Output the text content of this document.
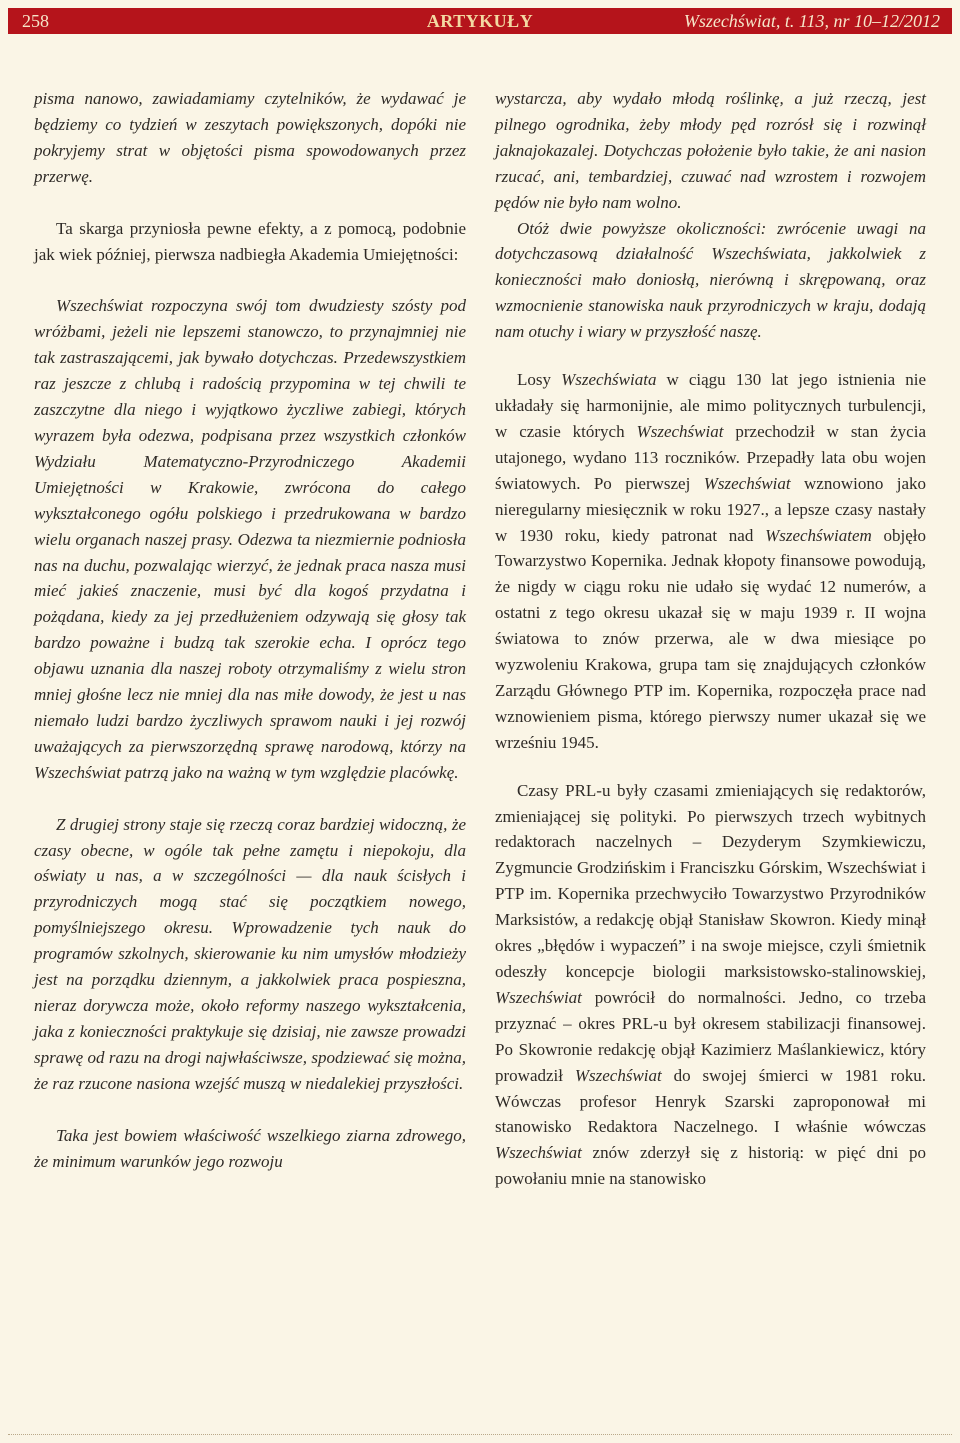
258	ARTYKUŁY	Wszechświat, t. 113, nr 10–12/2012

pisma nanowo, zawiadamiamy czytelników, że wydawać je będziemy co tydzień w zeszytach powiększonych, dopóki nie pokryjemy strat w objętości pisma spowodowanych przez przerwę.

Ta skarga przyniosła pewne efekty, a z pomocą, podobnie jak wiek później, pierwsza nadbiegła Akademia Umiejętności:

Wszechświat rozpoczyna swój tom dwudziesty szósty pod wróżbami, jeżeli nie lepszemi stanowczo, to przynajmniej nie tak zastraszającemi, jak bywało dotychczas. Przedewszystkiem raz jeszcze z chlubą i radością przypomina w tej chwili te zaszczytne dla niego i wyjątkowo życzliwe zabiegi, których wyrazem była odezwa, podpisana przez wszystkich członków Wydziału Matematyczno-Przyrodniczego Akademii Umiejętności w Krakowie, zwrócona do całego wykształconego ogółu polskiego i przedrukowana w bardzo wielu organach naszej prasy. Odezwa ta niezmiernie podniosła nas na duchu, pozwalając wierzyć, że jednak praca nasza musi mieć jakieś znaczenie, musi być dla kogoś przydatna i pożądana, kiedy za jej przedłużeniem odzywają się głosy tak bardzo poważne i budzą tak szerokie echa. I oprócz tego objawu uznania dla naszej roboty otrzymaliśmy z wielu stron mniej głośne lecz nie mniej dla nas miłe dowody, że jest u nas niemało ludzi bardzo życzliwych sprawom nauki i jej rozwój uważających za pierwszorzędną sprawę narodową, którzy na Wszechświat patrzą jako na ważną w tym względzie placówkę.

Z drugiej strony staje się rzeczą coraz bardziej widoczną, że czasy obecne, w ogóle tak pełne zamętu i niepokoju, dla oświaty u nas, a w szczególności — dla nauk ścisłych i przyrodniczych mogą stać się początkiem nowego, pomyślniejszego okresu. Wprowadzenie tych nauk do programów szkolnych, skierowanie ku nim umysłów młodzieży jest na porządku dziennym, a jakkolwiek praca pospieszna, nieraz dorywcza może, około reformy naszego wykształcenia, jaka z konieczności praktykuje się dzisiaj, nie zawsze prowadzi sprawę od razu na drogi najwłaściwsze, spodziewać się można, że raz rzucone nasiona wzejść muszą w niedalekiej przyszłości.

Taka jest bowiem właściwość wszelkiego ziarna zdrowego, że minimum warunków jego rozwoju

wystarcza, aby wydało młodą roślinkę, a już rzeczą, jest pilnego ogrodnika, żeby młody pęd rozrósł się i rozwinął jaknajokazalej. Dotychczas położenie było takie, że ani nasion rzucać, ani, tembardziej, czuwać nad wzrostem i rozwojem pędów nie było nam wolno.

Otóż dwie powyższe okoliczności: zwrócenie uwagi na dotychczasową działalność Wszechświata, jakkolwiek z konieczności mało doniosłą, nierówną i skrępowaną, oraz wzmocnienie stanowiska nauk przyrodniczych w kraju, dodają nam otuchy i wiary w przyszłość naszę.

Losy Wszechświata w ciągu 130 lat jego istnienia nie układały się harmonijnie, ale mimo politycznych turbulencji, w czasie których Wszechświat przechodził w stan życia utajonego, wydano 113 roczników. Przepadły lata obu wojen światowych. Po pierwszej Wszechświat wznowiono jako nieregularny miesięcznik w roku 1927., a lepsze czasy nastały w 1930 roku, kiedy patronat nad Wszechświatem objęło Towarzystwo Kopernika. Jednak kłopoty finansowe powodują, że nigdy w ciągu roku nie udało się wydać 12 numerów, a ostatni z tego okresu ukazał się w maju 1939 r. II wojna światowa to znów przerwa, ale w dwa miesiące po wyzwoleniu Krakowa, grupa tam się znajdujących członków Zarządu Głównego PTP im. Kopernika, rozpoczęła prace nad wznowieniem pisma, którego pierwszy numer ukazał się we wrześniu 1945.

Czasy PRL-u były czasami zmieniających się redaktorów, zmieniającej się polityki. Po pierwszych trzech wybitnych redaktorach naczelnych – Dezyderym Szymkiewiczu, Zygmuncie Grodzińskim i Franciszku Górskim, Wszechświat i PTP im. Kopernika przechwyciło Towarzystwo Przyrodników Marksistów, a redakcję objął Stanisław Skowron. Kiedy minął okres „błędów i wypaczeń” i na swoje miejsce, czyli śmietnik odeszły koncepcje biologii marksistowsko-stalinowskiej, Wszechświat powrócił do normalności. Jedno, co trzeba przyznać – okres PRL-u był okresem stabilizacji finansowej. Po Skowronie redakcję objął Kazimierz Maślankiewicz, który prowadził Wszechświat do swojej śmierci w 1981 roku. Wówczas profesor Henryk Szarski zaproponował mi stanowisko Redaktora Naczelnego. I właśnie wówczas Wszechświat znów zderzył się z historią: w pięć dni po powołaniu mnie na stanowisko
